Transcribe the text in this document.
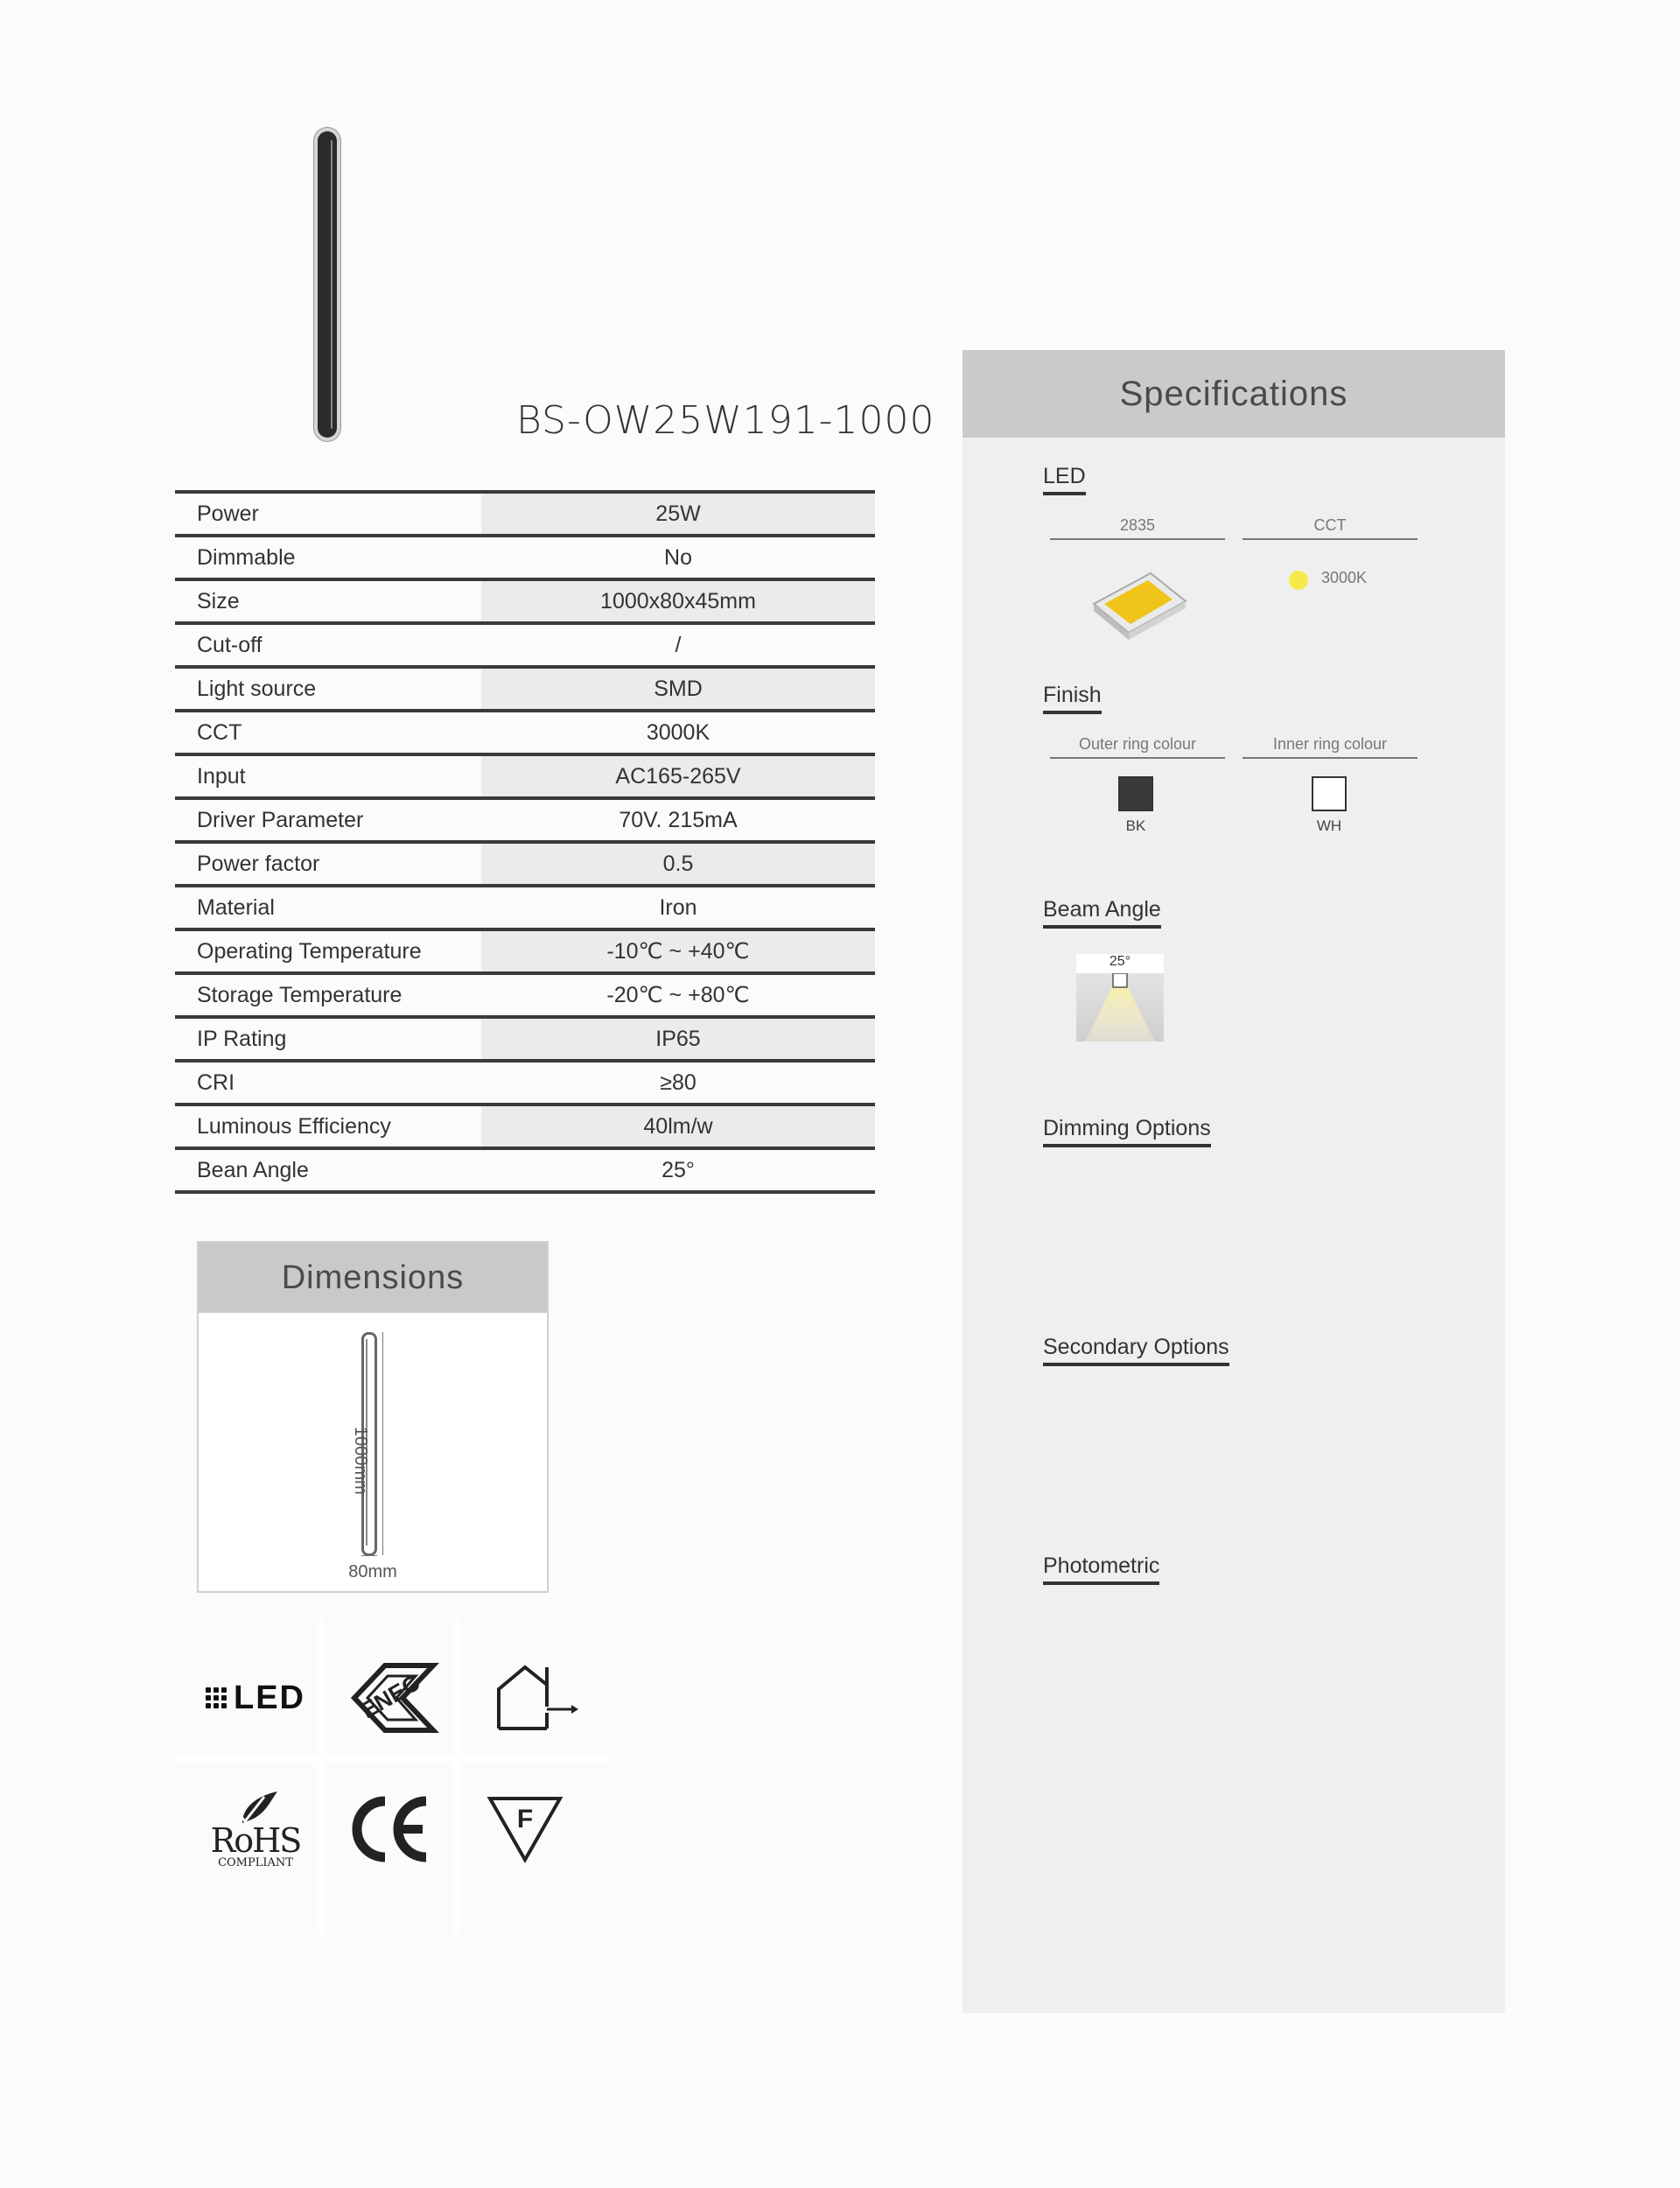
BS-OW25W191-1000
Power	25W
Dimmable	No
Size	1000x80x45mm
Cut-off	/
Light source	SMD
CCT	3000K
Input	AC165-265V
Driver Parameter	70V. 215mA
Power factor	0.5
Material	Iron
Operating Temperature	-10℃ ~ +40℃
Storage Temperature	-20℃ ~ +80℃
IP Rating	IP65
CRI	≥80
Luminous Efficiency	40lm/w
Bean Angle	25°
Dimensions
1000mm
80mm
LED ENEC
RoHS
COMPLIANT
F
Specifications
LED
2835	CCT
3000K
Finish
Outer ring colour	Inner ring colour
BK	WH
Beam Angle
25°
Dimming Options
Secondary Options
Photometric
